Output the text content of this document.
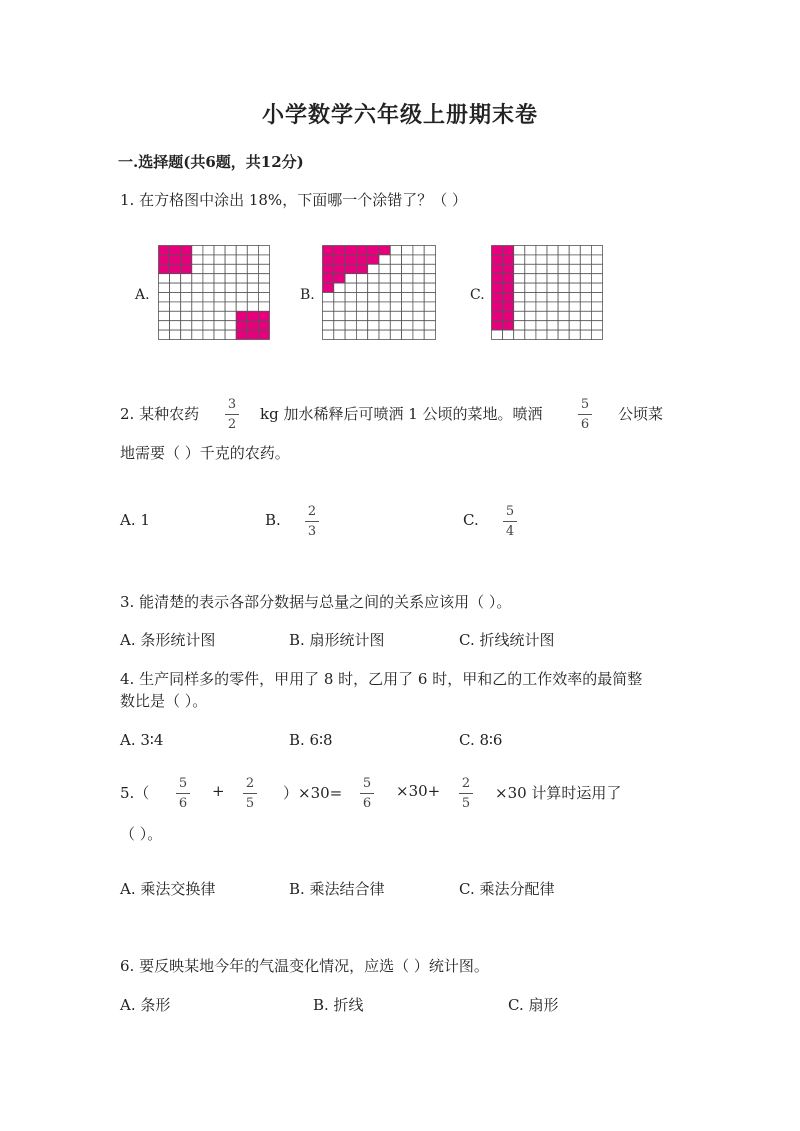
小学数学六年级上册期末卷
一.选择题(共6题，共12分)
1. 在方格图中涂出 18%，下面哪一个涂错了？（ ）
A.	B.	C.
2. 某种农药
3
2
kg 加水稀释后可喷洒 1 公顷的菜地。喷洒
5
6
公顷菜
地需要（ ）千克的农药。
A. 1	B.	2
3
C.	5
4
3. 能清楚的表示各部分数据与总量之间的关系应该用（ ）。
A. 条形统计图	B. 扇形统计图	C. 折线统计图
4. 生产同样多的零件，甲用了 8 时，乙用了 6 时，甲和乙的工作效率的最简整
数比是（ ）。
A. 3∶4	B. 6∶8	C. 8∶6
5.（
5
6
+	2
5
）×30=
5
6
×30+	2
5
×30 计算时运用了
（ ）。
A. 乘法交换律	B. 乘法结合律	C. 乘法分配律
6. 要反映某地今年的气温变化情况，应选（ ）统计图。
A. 条形	B. 折线	C. 扇形
